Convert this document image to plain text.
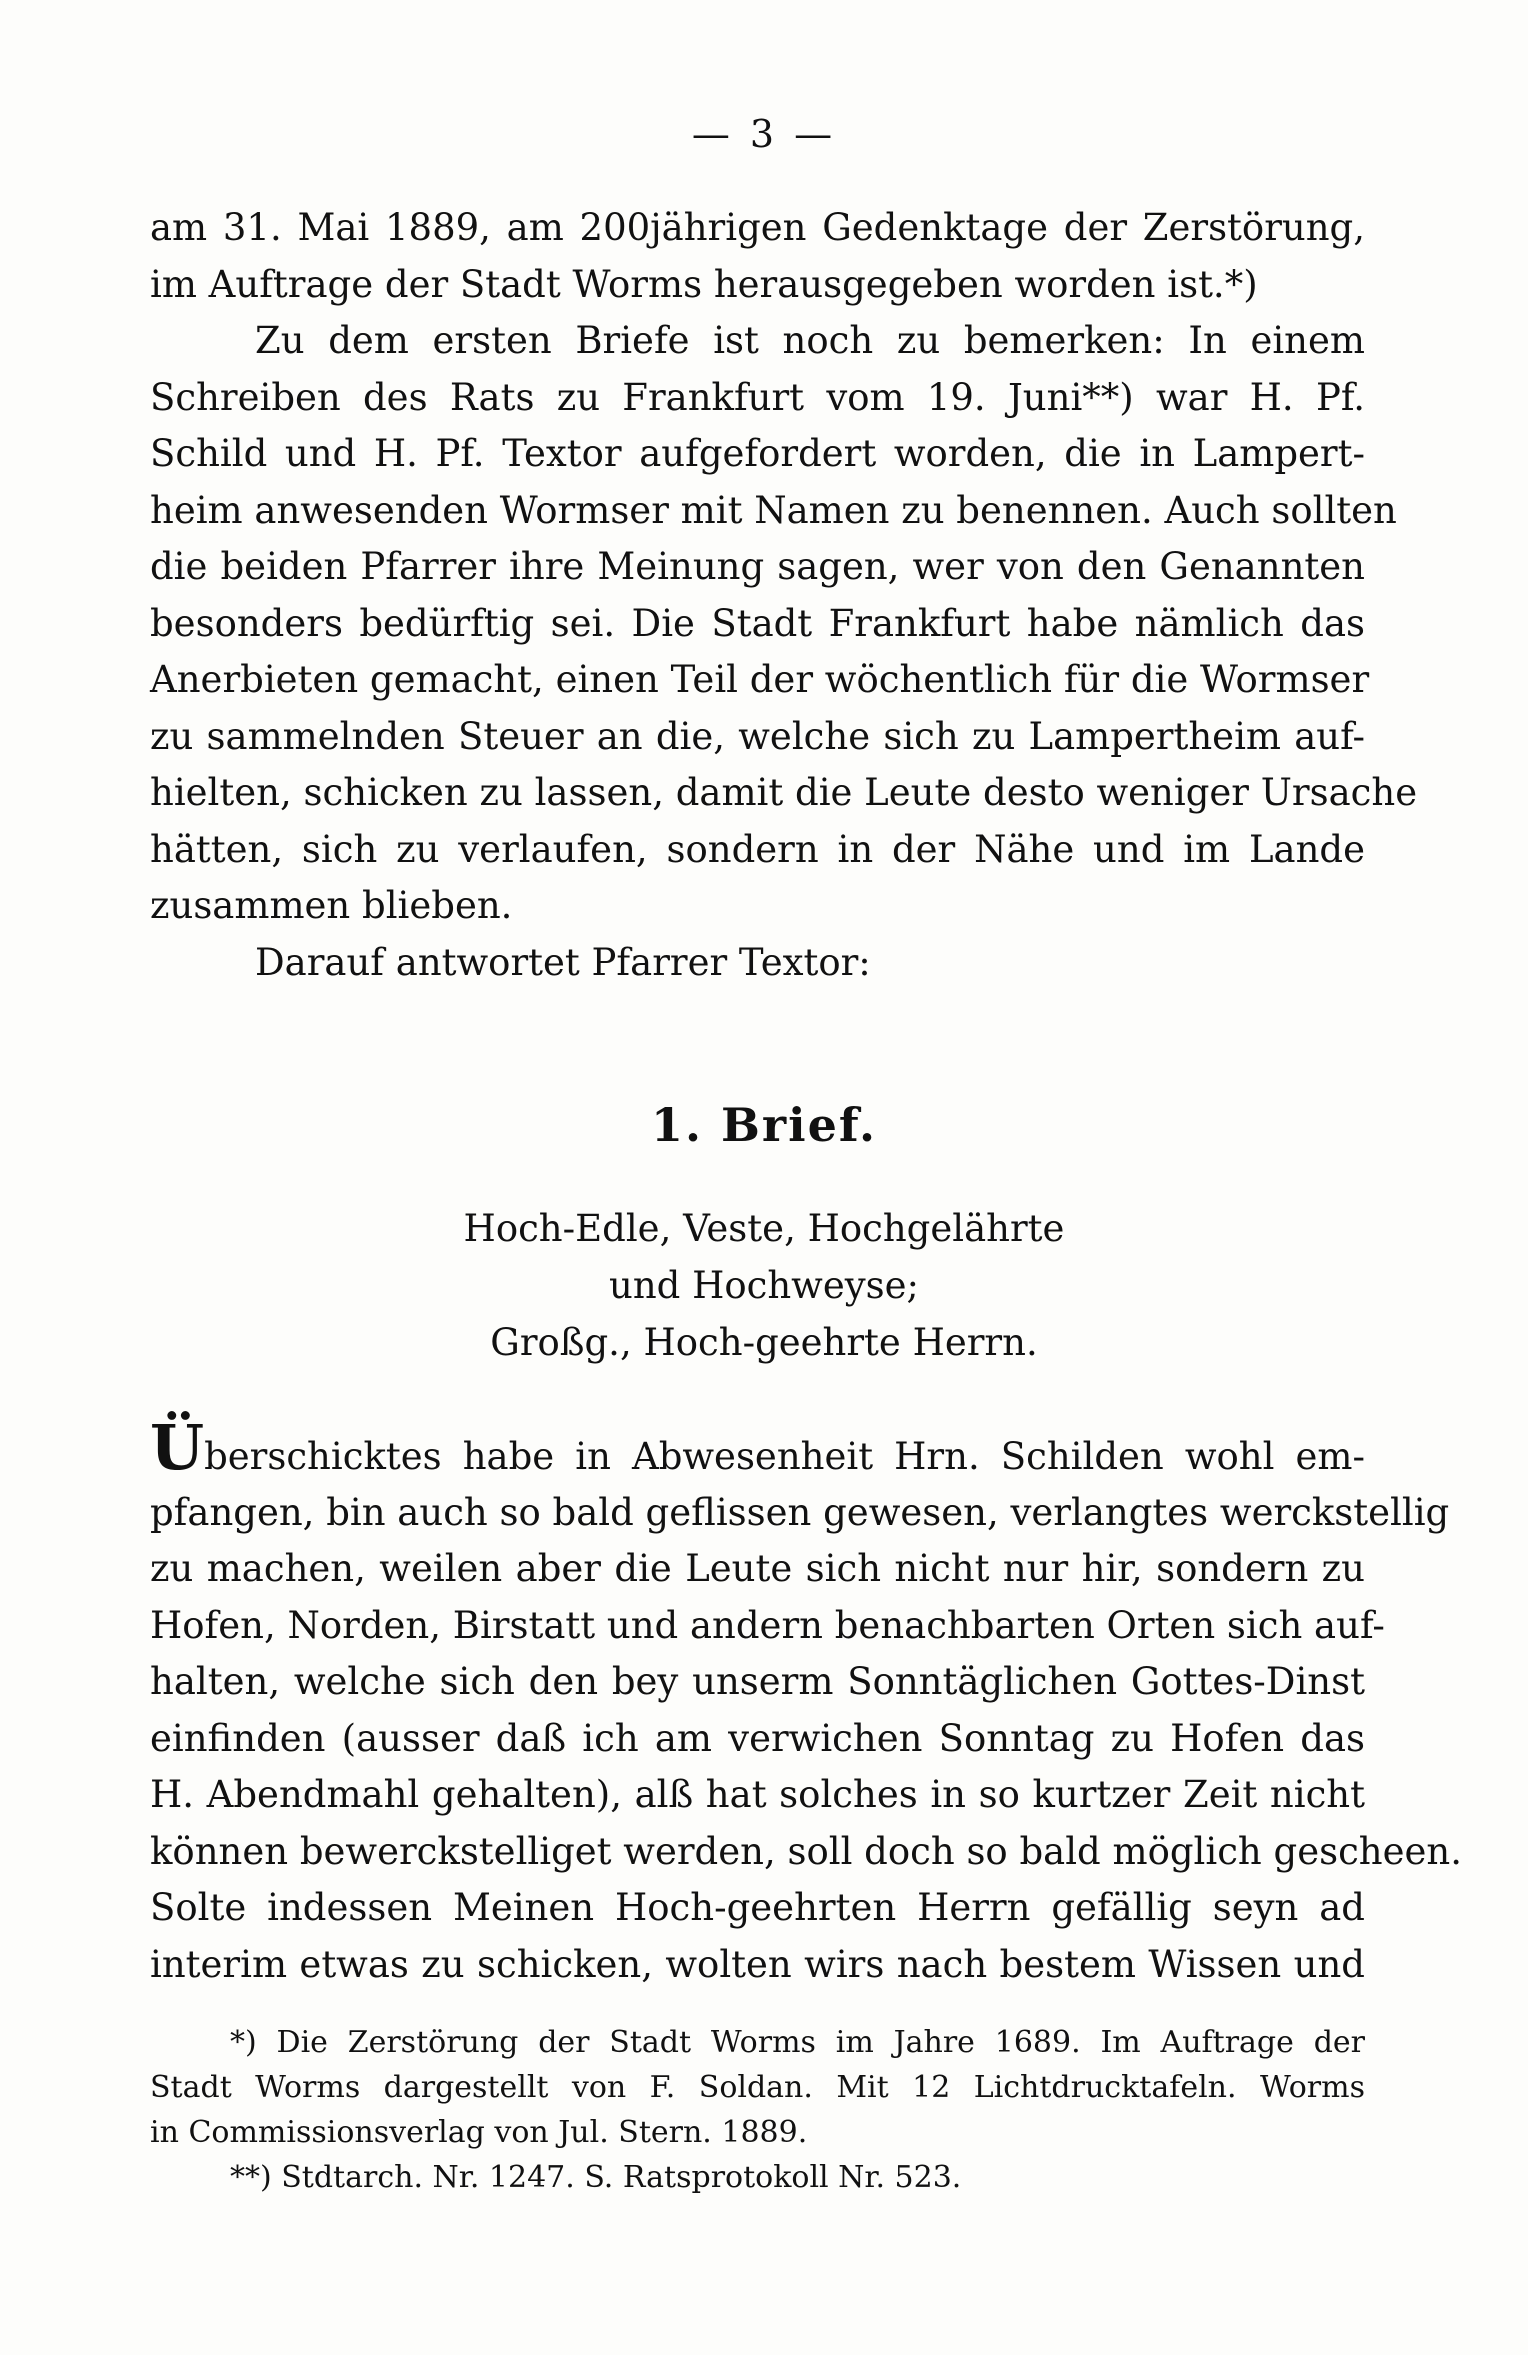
— 3 —
am 31. Mai 1889, am 200jährigen Gedenktage der Zerstörung,
im Auftrage der Stadt Worms herausgegeben worden ist.*)
Zu dem ersten Briefe ist noch zu bemerken: In einem
Schreiben des Rats zu Frankfurt vom 19. Juni**) war H. Pf.
Schild und H. Pf. Textor aufgefordert worden, die in Lampert-
heim anwesenden Wormser mit Namen zu benennen. Auch sollten
die beiden Pfarrer ihre Meinung sagen, wer von den Genannten
besonders bedürftig sei. Die Stadt Frankfurt habe nämlich das
Anerbieten gemacht, einen Teil der wöchentlich für die Wormser
zu sammelnden Steuer an die, welche sich zu Lampertheim auf-
hielten, schicken zu lassen, damit die Leute desto weniger Ursache
hätten, sich zu verlaufen, sondern in der Nähe und im Lande
zusammen blieben.
Darauf antwortet Pfarrer Textor:
1. Brief.
Hoch-Edle, Veste, Hochgelährte
und Hochweyse;
Großg., Hoch-geehrte Herrn.
Überschicktes habe in Abwesenheit Hrn. Schilden wohl em-
pfangen, bin auch so bald geflissen gewesen, verlangtes werckstellig
zu machen, weilen aber die Leute sich nicht nur hir, sondern zu
Hofen, Norden, Birstatt und andern benachbarten Orten sich auf-
halten, welche sich den bey unserm Sonntäglichen Gottes-Dinst
einfinden (ausser daß ich am verwichen Sonntag zu Hofen das
H. Abendmahl gehalten), alß hat solches in so kurtzer Zeit nicht
können bewerckstelliget werden, soll doch so bald möglich gescheen.
Solte indessen Meinen Hoch-geehrten Herrn gefällig seyn ad
interim etwas zu schicken, wolten wirs nach bestem Wissen und
*) Die Zerstörung der Stadt Worms im Jahre 1689. Im Auftrage der
Stadt Worms dargestellt von F. Soldan. Mit 12 Lichtdrucktafeln. Worms
in Commissionsverlag von Jul. Stern. 1889.
**) Stdtarch. Nr. 1247. S. Ratsprotokoll Nr. 523.
